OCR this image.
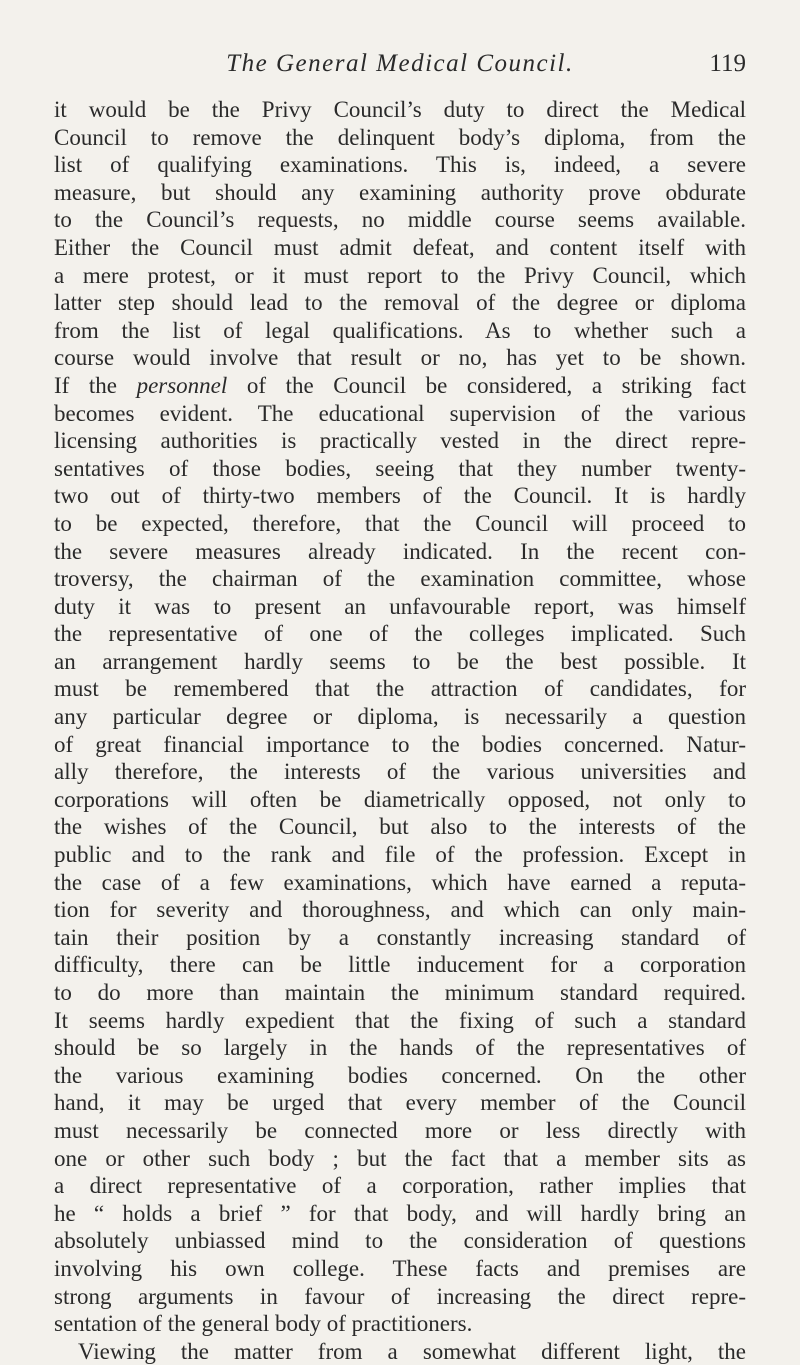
The General Medical Council.	119
it would be the Privy Council’s duty to direct the Medical
Council to remove the delinquent body’s diploma, from the
list of qualifying examinations. This is, indeed, a severe
measure, but should any examining authority prove obdurate
to the Council’s requests, no middle course seems available.
Either the Council must admit defeat, and content itself with
a mere protest, or it must report to the Privy Council, which
latter step should lead to the removal of the degree or diploma
from the list of legal qualifications. As to whether such a
course would involve that result or no, has yet to be shown.
If the personnel of the Council be considered, a striking fact
becomes evident. The educational supervision of the various
licensing authorities is practically vested in the direct repre-
sentatives of those bodies, seeing that they number twenty-
two out of thirty-two members of the Council. It is hardly
to be expected, therefore, that the Council will proceed to
the severe measures already indicated. In the recent con-
troversy, the chairman of the examination committee, whose
duty it was to present an unfavourable report, was himself
the representative of one of the colleges implicated. Such
an arrangement hardly seems to be the best possible. It
must be remembered that the attraction of candidates, for
any particular degree or diploma, is necessarily a question
of great financial importance to the bodies concerned. Natur-
ally therefore, the interests of the various universities and
corporations will often be diametrically opposed, not only to
the wishes of the Council, but also to the interests of the
public and to the rank and file of the profession. Except in
the case of a few examinations, which have earned a reputa-
tion for severity and thoroughness, and which can only main-
tain their position by a constantly increasing standard of
difficulty, there can be little inducement for a corporation
to do more than maintain the minimum standard required.
It seems hardly expedient that the fixing of such a standard
should be so largely in the hands of the representatives of
the various examining bodies concerned. On the other
hand, it may be urged that every member of the Council
must necessarily be connected more or less directly with
one or other such body ; but the fact that a member sits as
a direct representative of a corporation, rather implies that
he “ holds a brief ” for that body, and will hardly bring an
absolutely unbiassed mind to the consideration of questions
involving his own college. These facts and premises are
strong arguments in favour of increasing the direct repre-
sentation of the general body of practitioners.
Viewing the matter from a somewhat different light, the
